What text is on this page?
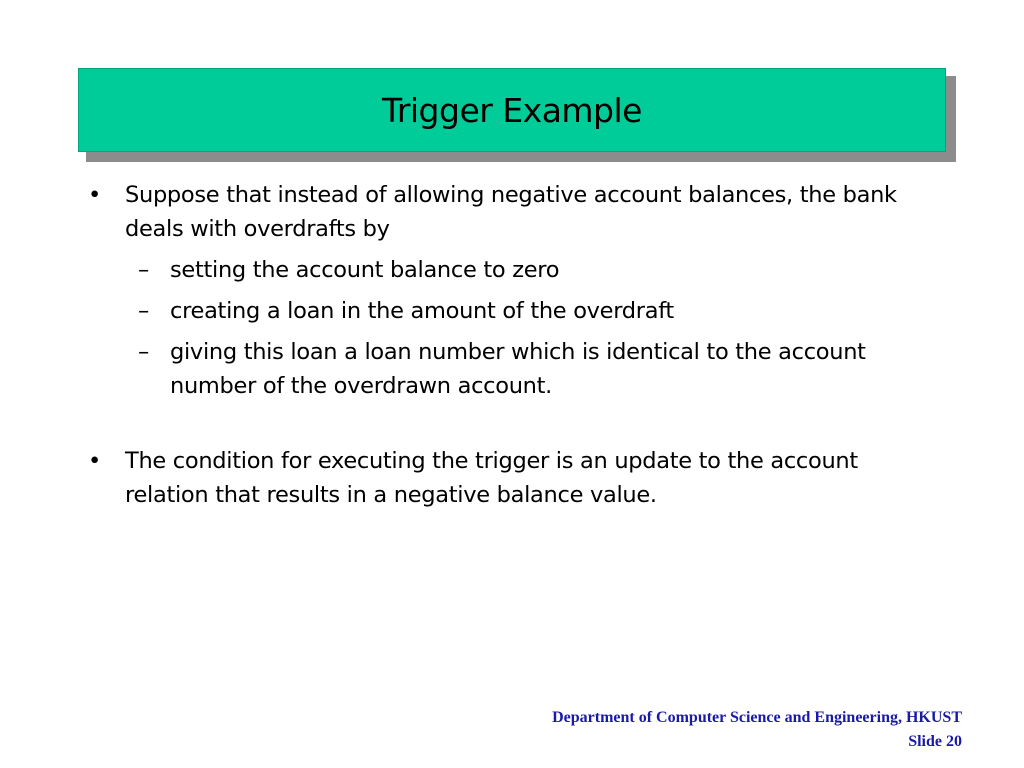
Trigger Example
• Suppose that instead of allowing negative account balances, the bank deals with overdrafts by
– setting the account balance to zero
– creating a loan in the amount of the overdraft
– giving this loan a loan number which is identical to the account number of the overdrawn account.
• The condition for executing the trigger is an update to the account relation that results in a negative balance value.
Department of Computer Science and Engineering, HKUST
Slide 20
